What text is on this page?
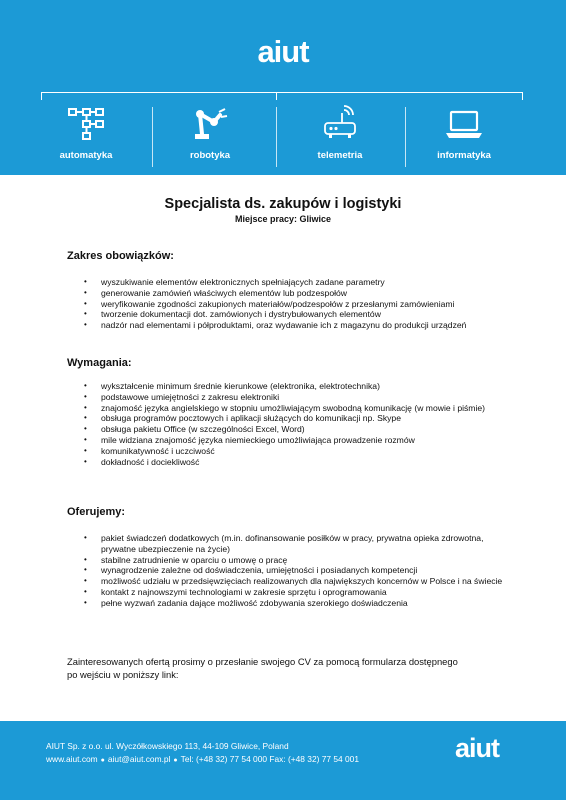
aiut
automatyka	robotyka	telemetria	informatyka
Specjalista ds. zakupów i logistyki
Miejsce pracy: Gliwice
Zakres obowiązków:
• wyszukiwanie elementów elektronicznych spełniających zadane parametry
• generowanie zamówień właściwych elementów lub podzespołów
• weryfikowanie zgodności zakupionych materiałów/podzespołów z przesłanymi zamówieniami
• tworzenie dokumentacji dot. zamówionych i dystrybułowanych elementów
• nadzór nad elementami i półproduktami, oraz wydawanie ich z magazynu do produkcji urządzeń
Wymagania:
• wykształcenie minimum średnie kierunkowe (elektronika, elektrotechnika)
• podstawowe umiejętności z zakresu elektroniki
• znajomość języka angielskiego w stopniu umożliwiającym swobodną komunikację (w mowie i piśmie)
• obsługa programów pocztowych i aplikacji służących do komunikacji np. Skype
• obsługa pakietu Office (w szczególności Excel, Word)
• mile widziana znajomość języka niemieckiego umożliwiająca prowadzenie rozmów
• komunikatywność i uczciwość
• dokładność i dociekliwość
Oferujemy:
• pakiet świadczeń dodatkowych (m.in. dofinansowanie posiłków w pracy, prywatna opieka zdrowotna, prywatne ubezpieczenie na życie)
• stabilne zatrudnienie w oparciu o umowę o pracę
• wynagrodzenie zależne od doświadczenia, umiejętności i posiadanych kompetencji
• możliwość udziału w przedsięwzięciach realizowanych dla największych koncernów w Polsce i na świecie
• kontakt z najnowszymi technologiami w zakresie sprzętu i oprogramowania
• pełne wyzwań zadania dające możliwość zdobywania szerokiego doświadczenia
Zainteresowanych ofertą prosimy o przesłanie swojego CV za pomocą formularza dostępnego po wejściu w poniższy link:
AIUT Sp. z o.o. ul. Wyczółkowskiego 113, 44-109 Gliwice, Poland
www.aiut.com ● aiut@aiut.com.pl ● Tel: (+48 32) 77 54 000 Fax: (+48 32) 77 54 001	aiut
